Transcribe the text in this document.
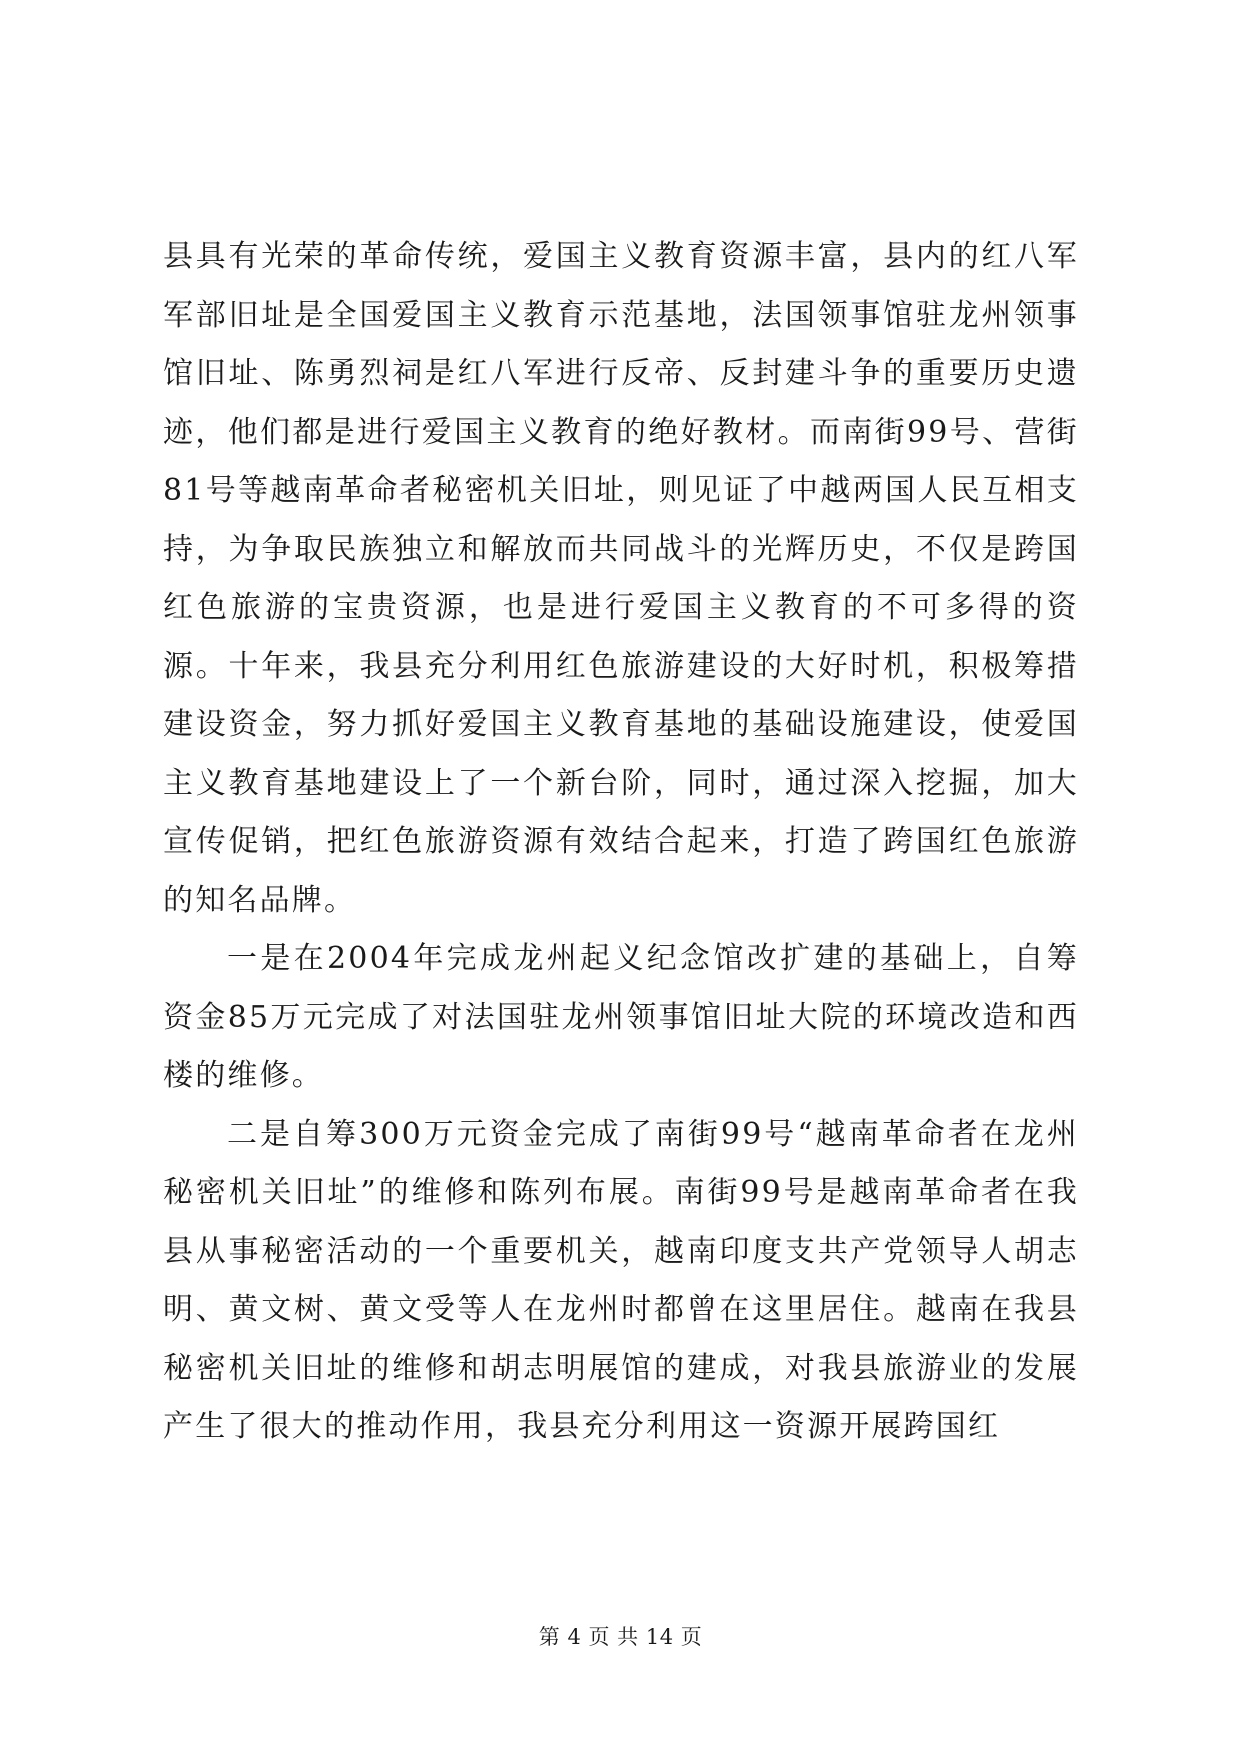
县具有光荣的革命传统，爱国主义教育资源丰富，县内的红八军军部旧址是全国爱国主义教育示范基地，法国领事馆驻龙州领事馆旧址、陈勇烈祠是红八军进行反帝、反封建斗争的重要历史遗迹，他们都是进行爱国主义教育的绝好教材。而南街99号、营街81号等越南革命者秘密机关旧址，则见证了中越两国人民互相支持，为争取民族独立和解放而共同战斗的光辉历史，不仅是跨国红色旅游的宝贵资源，也是进行爱国主义教育的不可多得的资源。十年来，我县充分利用红色旅游建设的大好时机，积极筹措建设资金，努力抓好爱国主义教育基地的基础设施建设，使爱国主义教育基地建设上了一个新台阶，同时，通过深入挖掘，加大宣传促销，把红色旅游资源有效结合起来，打造了跨国红色旅游的知名品牌。

一是在2004年完成龙州起义纪念馆改扩建的基础上，自筹资金85万元完成了对法国驻龙州领事馆旧址大院的环境改造和西楼的维修。

二是自筹300万元资金完成了南街99号“越南革命者在龙州秘密机关旧址”的维修和陈列布展。南街99号是越南革命者在我县从事秘密活动的一个重要机关，越南印度支共产党领导人胡志明、黄文树、黄文受等人在龙州时都曾在这里居住。越南在我县秘密机关旧址的维修和胡志明展馆的建成，对我县旅游业的发展产生了很大的推动作用，我县充分利用这一资源开展跨国红

第 4 页 共 14 页
